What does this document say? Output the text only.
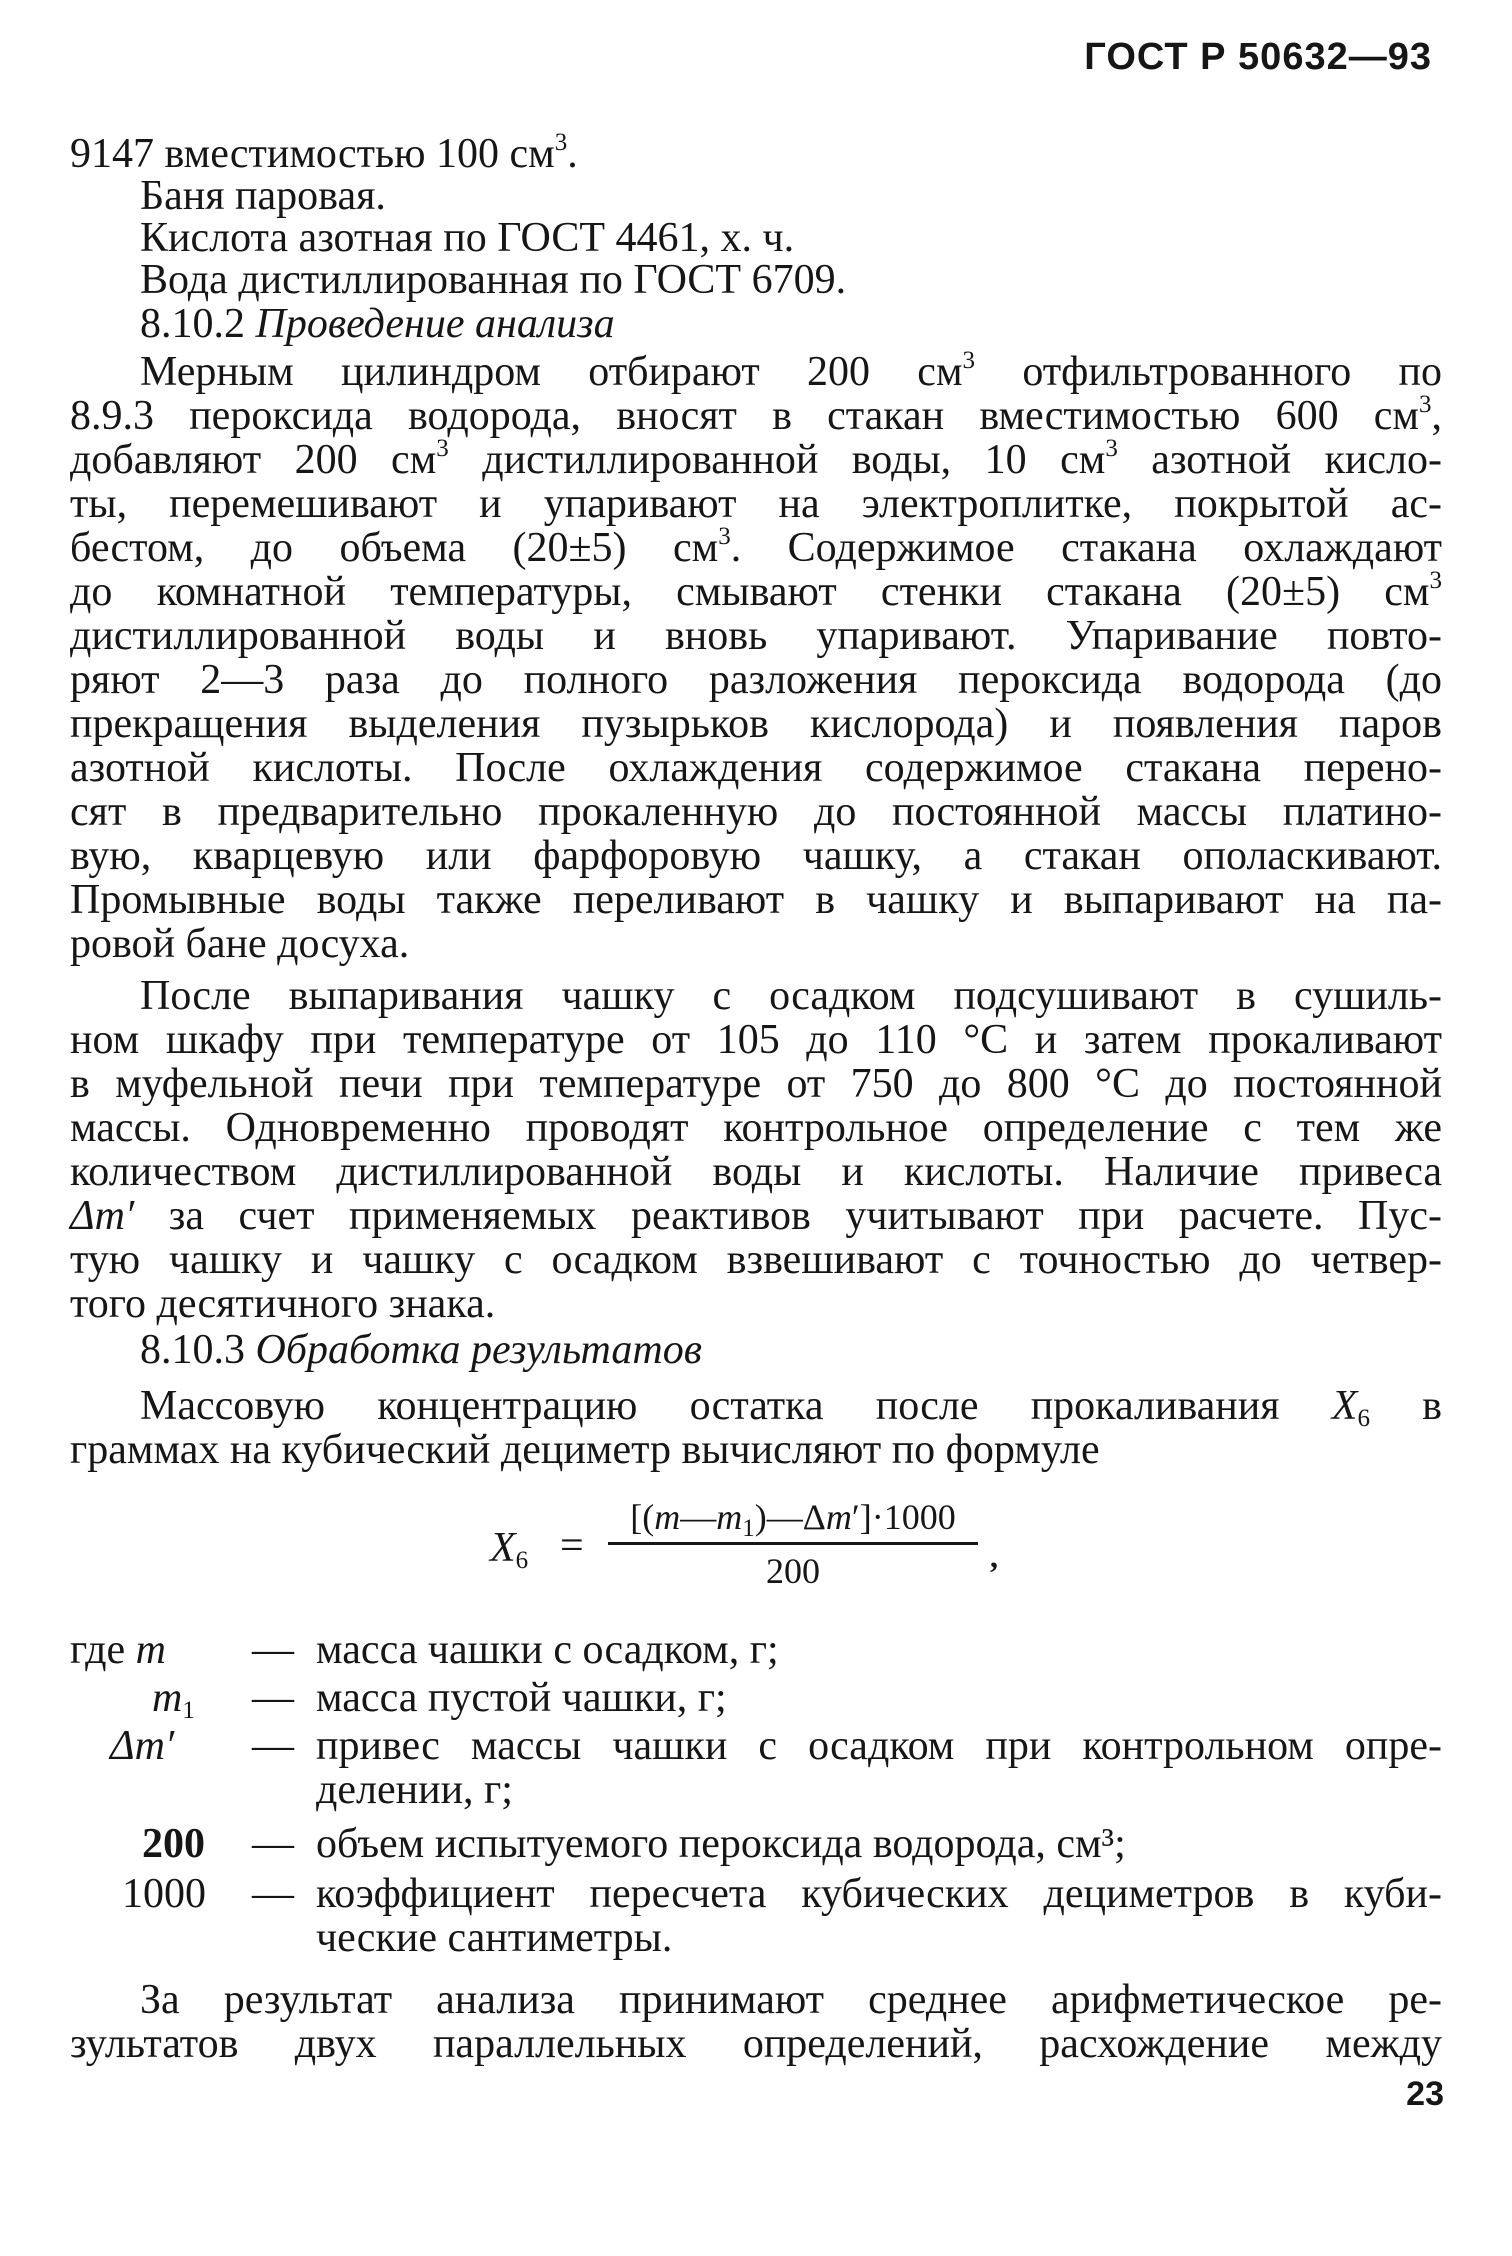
ГОСТ Р 50632—93
9147 вместимостью 100 $см^3$.
Баня паровая.
Кислота азотная по ГОСТ 4461, х. ч.
Вода дистиллированная по ГОСТ 6709.
8.10.2 Проведение анализа
Мерным цилиндром отбирают 200 $см^3$ отфильтрованного по
8.9.3 пероксида водорода, вносят в стакан вместимостью 600 $см^3$,
добавляют 200 $см^3$ дистиллированной воды, 10 $см^3$ азотной кисло-
ты, перемешивают и упаривают на электроплитке, покрытой ас-
бестом, до объема (20±5) $см^3$. Содержимое стакана охлаждают
до комнатной температуры, смывают стенки стакана (20±5) $см^3$
дистиллированной воды и вновь упаривают. Упаривание повто-
ряют 2—3 раза до полного разложения пероксида водорода (до
прекращения выделения пузырьков кислорода) и появления паров
азотной кислоты. После охлаждения содержимое стакана перено-
сят в предварительно прокаленную до постоянной массы платино-
вую, кварцевую или фарфоровую чашку, а стакан ополаскивают.
Промывные воды также переливают в чашку и выпаривают на па-
ровой бане досуха.
После выпаривания чашку с осадком подсушивают в сушиль-
ном шкафу при температуре от 105 до 110 °С и затем прокаливают
в муфельной печи при температуре от 750 до 800 °С до постоянной
массы. Одновременно проводят контрольное определение с тем же
количеством дистиллированной воды и кислоты. Наличие привеса
Δm′ за счет применяемых реактивов учитывают при расчете. Пус-
тую чашку и чашку с осадком взвешивают с точностью до четвер-
того десятичного знака.
8.10.3 Обработка результатов
Массовую концентрацию остатка после прокаливания $X_6$ в
граммах на кубический дециметр вычисляют по формуле
$X_6$ =
$[(m—m_1)—\Delta m']\cdot 1000$
200	,
где m — масса чашки с осадком, г;
$m_1$ — масса пустой чашки, г;
Δm′ — привес массы чашки с осадком при контрольном опре-
делении, г;
200 — объем испытуемого пероксида водорода, см³;
1000 — коэффициент пересчета кубических дециметров в куби-
ческие сантиметры.
За результат анализа принимают среднее арифметическое ре-
зультатов двух параллельных определений, расхождение между
23
